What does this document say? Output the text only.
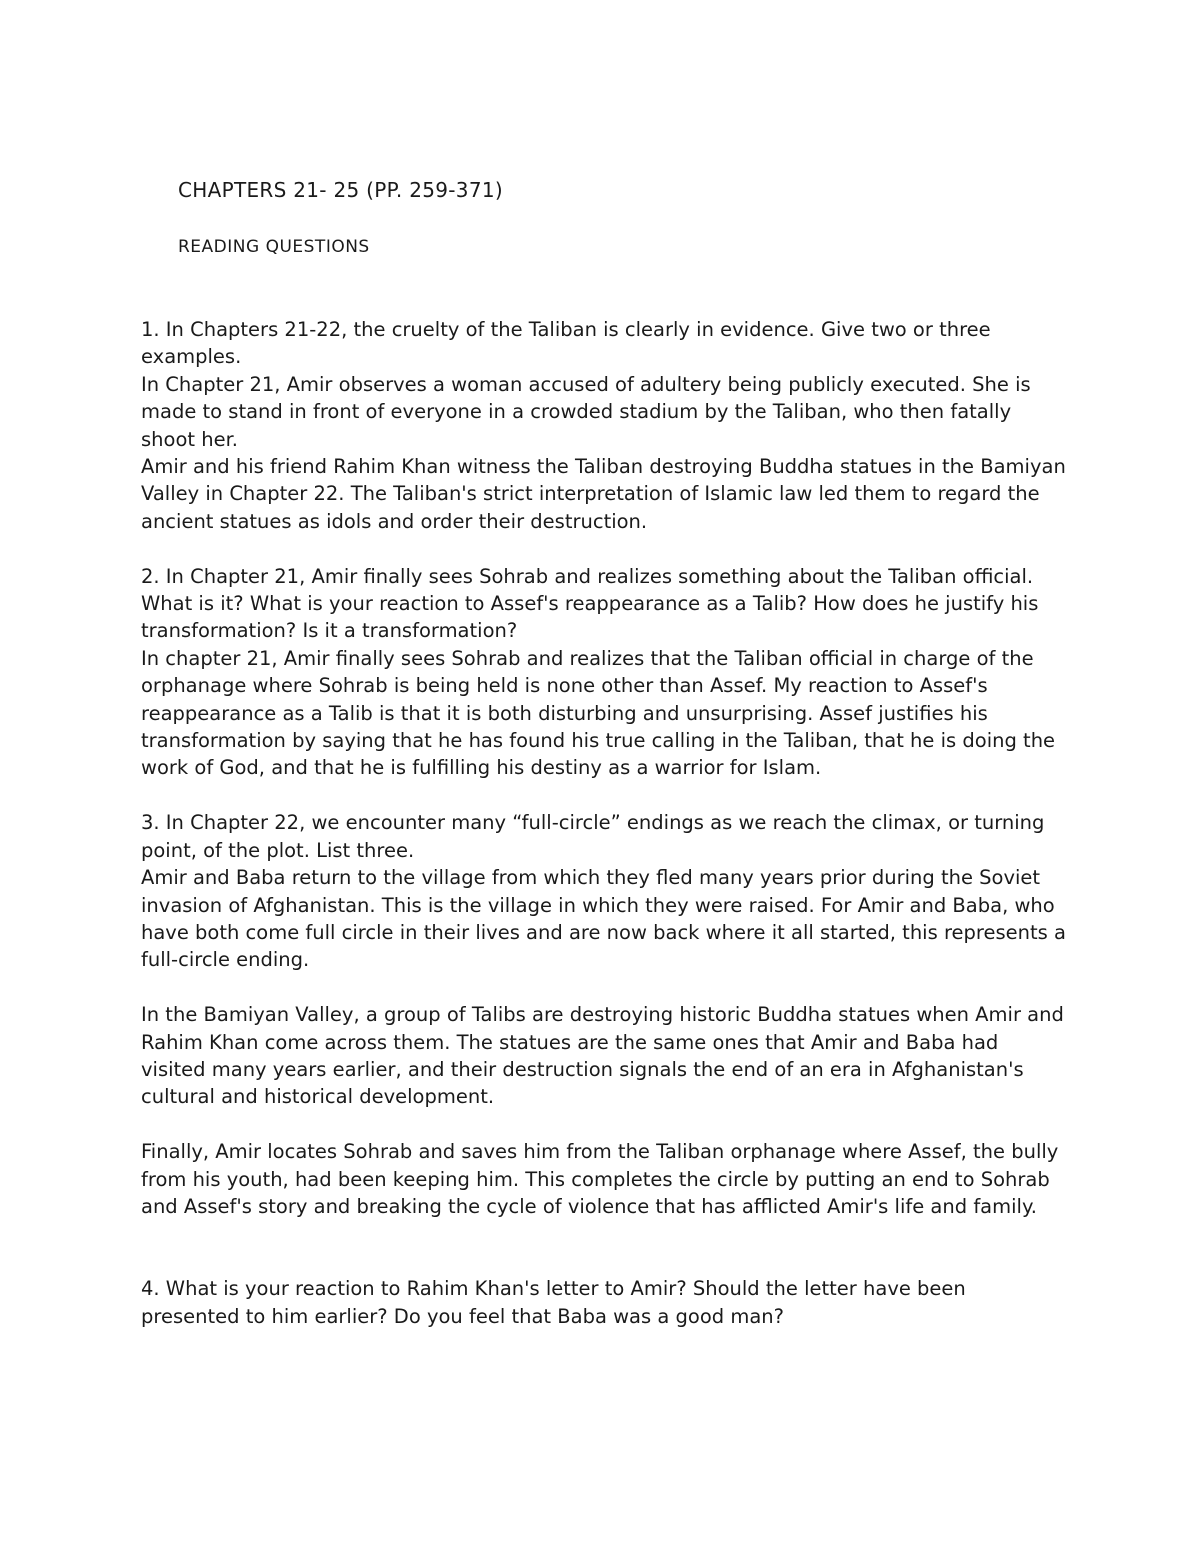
CHAPTERS 21- 25 (PP. 259-371)
READING QUESTIONS

1. In Chapters 21-22, the cruelty of the Taliban is clearly in evidence. Give two or three examples.

In Chapter 21, Amir observes a woman accused of adultery being publicly executed. She is made to stand in front of everyone in a crowded stadium by the Taliban, who then fatally shoot her.

Amir and his friend Rahim Khan witness the Taliban destroying Buddha statues in the Bamiyan Valley in Chapter 22. The Taliban's strict interpretation of Islamic law led them to regard the ancient statues as idols and order their destruction.

2. In Chapter 21, Amir finally sees Sohrab and realizes something about the Taliban official. What is it? What is your reaction to Assef's reappearance as a Talib? How does he justify his transformation? Is it a transformation?

In chapter 21, Amir finally sees Sohrab and realizes that the Taliban official in charge of the orphanage where Sohrab is being held is none other than Assef. My reaction to Assef's reappearance as a Talib is that it is both disturbing and unsurprising. Assef justifies his transformation by saying that he has found his true calling in the Taliban, that he is doing the work of God, and that he is fulfilling his destiny as a warrior for Islam.

3. In Chapter 22, we encounter many “full-circle” endings as we reach the climax, or turning point, of the plot. List three.

Amir and Baba return to the village from which they fled many years prior during the Soviet invasion of Afghanistan. This is the village in which they were raised. For Amir and Baba, who have both come full circle in their lives and are now back where it all started, this represents a full-circle ending.

In the Bamiyan Valley, a group of Talibs are destroying historic Buddha statues when Amir and Rahim Khan come across them. The statues are the same ones that Amir and Baba had visited many years earlier, and their destruction signals the end of an era in Afghanistan's cultural and historical development.

Finally, Amir locates Sohrab and saves him from the Taliban orphanage where Assef, the bully from his youth, had been keeping him. This completes the circle by putting an end to Sohrab and Assef's story and breaking the cycle of violence that has afflicted Amir's life and family.

4. What is your reaction to Rahim Khan's letter to Amir? Should the letter have been presented to him earlier? Do you feel that Baba was a good man?
